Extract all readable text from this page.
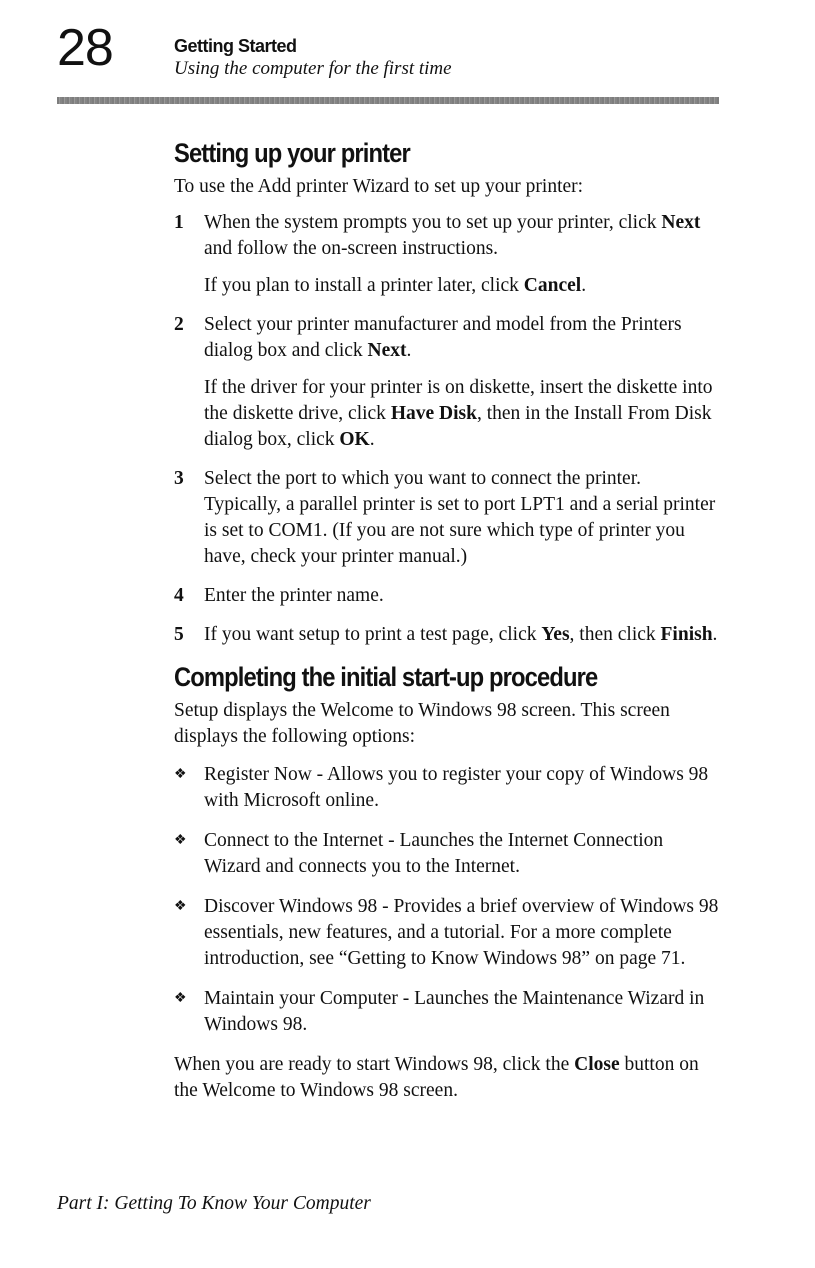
28	Getting Started
Using the computer for the first time
Setting up your printer

To use the Add printer Wizard to set up your printer:

1 When the system prompts you to set up your printer, click Next and follow the on-screen instructions.

If you plan to install a printer later, click Cancel.

2 Select your printer manufacturer and model from the Printers dialog box and click Next.

If the driver for your printer is on diskette, insert the diskette into the diskette drive, click Have Disk, then in the Install From Disk dialog box, click OK.

3 Select the port to which you want to connect the printer. Typically, a parallel printer is set to port LPT1 and a serial printer is set to COM1. (If you are not sure which type of printer you have, check your printer manual.)

4 Enter the printer name.

5 If you want setup to print a test page, click Yes, then click Finish.

Completing the initial start-up procedure

Setup displays the Welcome to Windows 98 screen. This screen displays the following options:

❖ Register Now - Allows you to register your copy of Windows 98 with Microsoft online.
❖ Connect to the Internet - Launches the Internet Connection Wizard and connects you to the Internet.
❖ Discover Windows 98 - Provides a brief overview of Windows 98 essentials, new features, and a tutorial. For a more complete introduction, see “Getting to Know Windows 98” on page 71.
❖ Maintain your Computer - Launches the Maintenance Wizard in Windows 98.

When you are ready to start Windows 98, click the Close button on the Welcome to Windows 98 screen.

Part I: Getting To Know Your Computer
